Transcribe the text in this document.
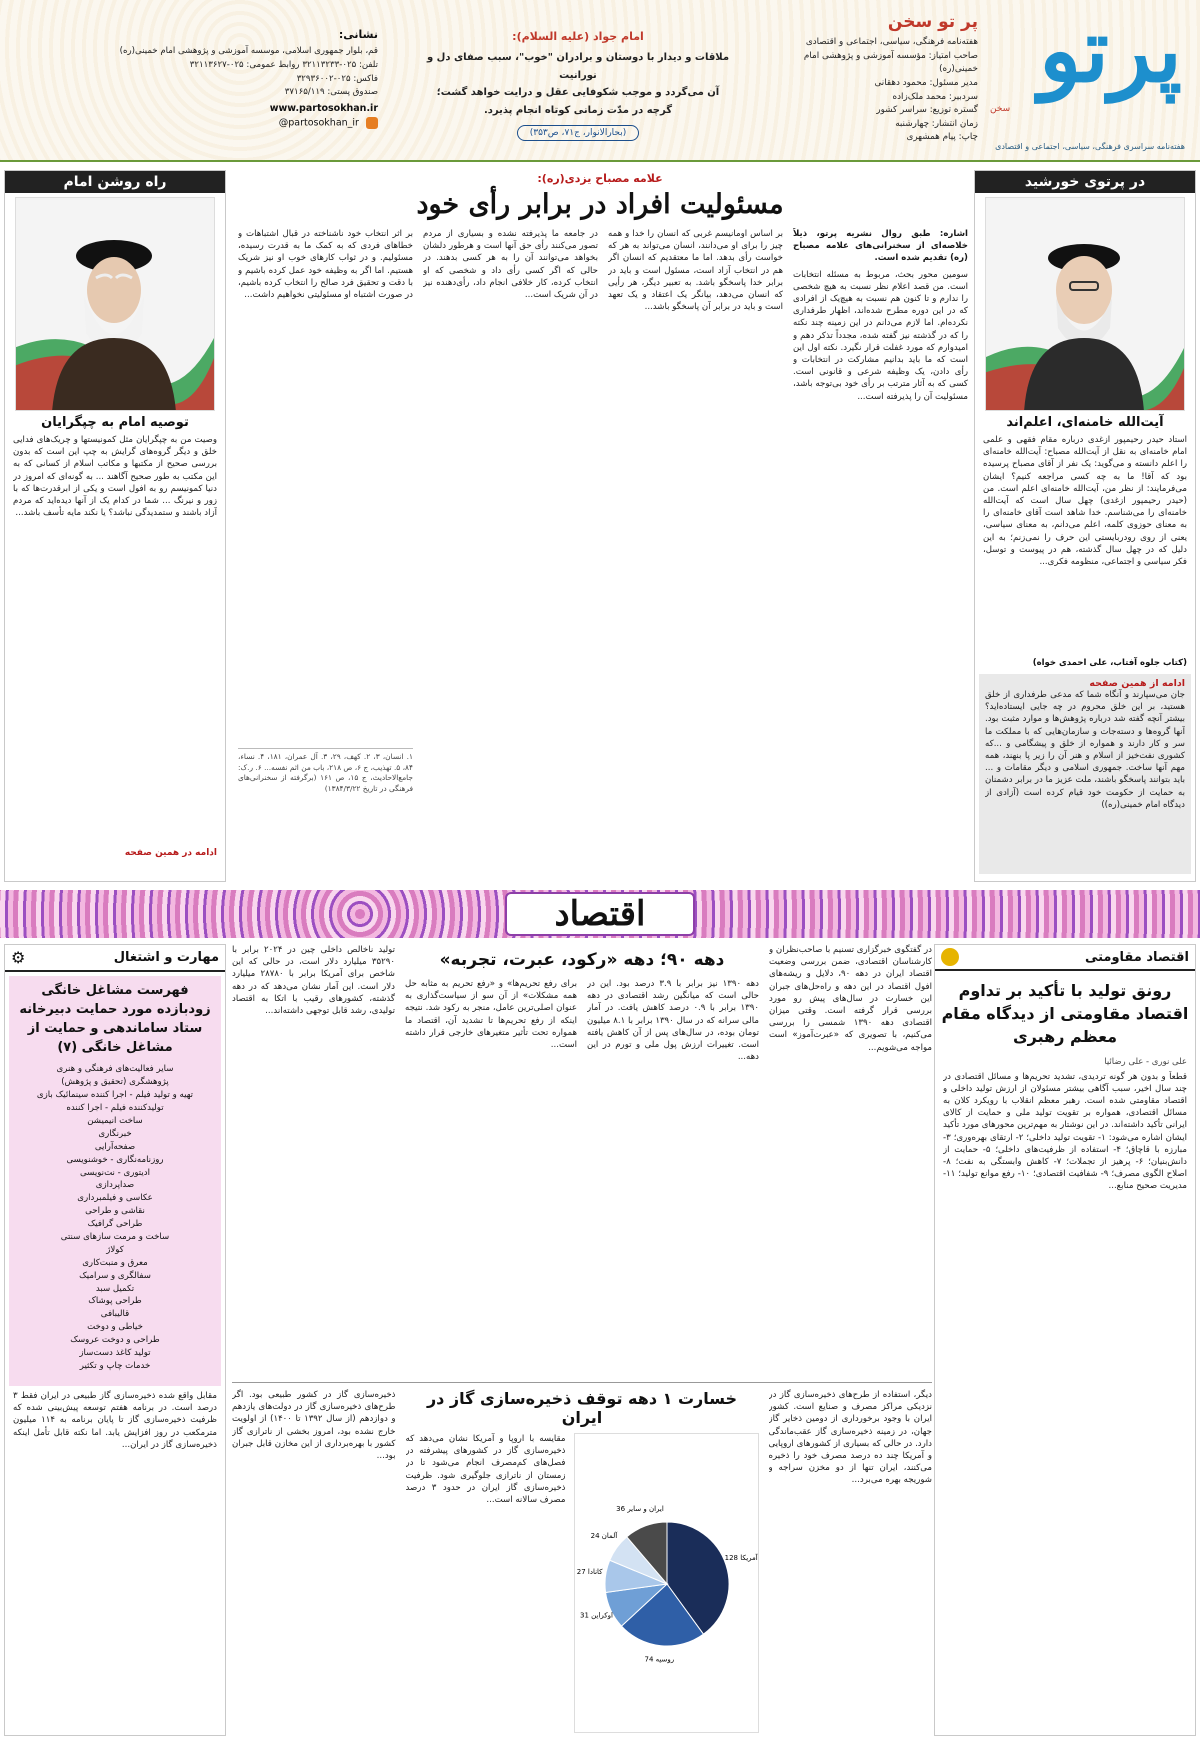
پرتو
سخن
هفته‌نامه سراسری فرهنگی، سیاسی، اجتماعی و اقتصادی
پر تو سخن
هفته‌نامه فرهنگی، سیاسی، اجتماعی و اقتصادی
صاحب امتیاز: مؤسسه آموزشی و پژوهشی امام خمینی(ره)
مدیر مسئول: محمود دهقانی
سردبیر: محمد ملک‌زاده
گستره توزیع: سراسر کشور
زمان انتشار: چهارشنبه
چاپ: پیام همشهری
امام جواد (علیه السلام):
ملاقات و دیدار با دوستان و برادران "خوب"، سبب صفای دل و نورانیت
آن می‌گردد و موجب شکوفایی عقل و درایت خواهد گشت؛
گرچه در مدّت زمانی کوتاه انجام پذیرد.
(بحارالانوار، ج۷۱، ص۳۵۳)
نشانی:
قم، بلوار جمهوری اسلامی، موسسه آموزشی و پژوهشی امام خمینی(ره)
تلفن: ۰۲۵-۳۲۱۱۳۲۳۳ روابط عمومی: ۰۲۵-۳۲۱۱۳۶۲۷
فاکس: ۰۲۵-۳۲۹۳۶۰۰۲
صندوق پستی: ۳۷۱۶۵/۱۱۹
www.partosokhan.ir
@partosokhan_ir
در پرتوی خورشید
آیت‌الله خامنه‌ای، اعلم‌اند
استاد حیدر رحیمپور ازغدی درباره مقام فقهی و علمی امام خامنه‌ای به نقل از آیت‌الله مصباح: آیت‌الله خامنه‌ای را اعلم دانسته و می‌گوید: یک نفر از آقای مصباح پرسیده بود که آقا! ما به چه کسی مراجعه کنیم؟ ایشان می‌فرمایند: از نظر من، آیت‌الله خامنه‌ای اعلم است. من (حیدر رحیمپور ازغدی) چهل سال است که آیت‌الله خامنه‌ای را می‌شناسم. خدا شاهد است آقای خامنه‌ای را به معنای حوزوی کلمه، اعلم می‌دانم، به معنای سیاسی، یعنی از روی رودربایستی این حرف را نمی‌زنم؛ به این دلیل که در چهل سال گذشته، هم در پیوست و توسل، فکر سیاسی و اجتماعی، منظومه فکری...
(کتاب جلوه آفتاب، علی احمدی خواه)
ادامه از همین صفحه
جان می‌سپارند و آنگاه شما که مدعی طرفداری از خلق هستید، بر این خلق محروم در چه جایی ایستاده‌اید؟ بیشتر آنچه گفته شد درباره پژوهش‌ها و موارد مثبت بود. آنها گروه‌ها و دسته‌جات و سازمان‌هایی که با مملکت ما سر و کار دارند و همواره از خلق و پیشگامی و ...که کشوری نفت‌خیز از اسلام و هنر آن را زیر پا بنهند، همه مهم آنها ساخت. جمهوری اسلامی و دیگر مقامات و ... باید بتوانند پاسخگو باشند، ملت عزیز ما در برابر دشمنان به حمایت از حکومت خود قیام کرده است (آزادی از دیدگاه امام خمینی(ره))
راه روشن امام
توصیه امام به چپگرایان
وصیت من به چپگرایان مثل کمونیستها و چریک‌های فدایی خلق و دیگر گروه‌های گرایش به چپ این است که بدون بررسی صحیح از مکتبها و مکاتب اسلام از کسانی که به این مکتب به طور صحیح آگاهند ... به گونه‌ای که امروز در دنیا کمونیسم رو به افول است و یکی از ابرقدرت‌ها که با زور و نیرنگ ... شما در کدام یک از آنها دیده‌اید که مردم آزاد باشند و ستمدیدگی نباشد؟ یا نکند مایه تأسف باشد...
ادامه در همین صفحه
علامه مصباح یزدی(ره):
مسئولیت افراد در برابر رأی خود
اشاره: طبق روال نشریه پرتو، ذیلاً خلاصه‌ای از سخنرانی‌های علامه مصباح (ره) تقدیم شده است.
سومین محور بحث، مربوط به مسئله انتخابات است. من قصد اعلام نظر نسبت به هیچ شخصی را ندارم و تا کنون هم نسبت به هیچ‌یک از افرادی که در این دوره مطرح شده‌اند، اظهار طرفداری نکرده‌ام. اما لازم می‌دانم در این زمینه چند نکته را که در گذشته نیز گفته شده، مجدداً تذکر دهم و امیدوارم که مورد غفلت قرار نگیرد. نکته اول این است که ما باید بدانیم مشارکت در انتخابات و رأی دادن، یک وظیفه شرعی و قانونی است. کسی که به آثار مترتب بر رأی خود بی‌توجه باشد، مسئولیت آن را پذیرفته است...
بر اساس اومانیسم غربی که انسان را خدا و همه چیز را برای او می‌دانند، انسان می‌تواند به هر که خواست رأی بدهد. اما ما معتقدیم که انسان اگر هم در انتخاب آزاد است، مسئول است و باید در برابر خدا پاسخگو باشد. به تعبیر دیگر، هر رأیی که انسان می‌دهد، بیانگر یک اعتقاد و یک تعهد است و باید در برابر آن پاسخگو باشد...
در جامعه ما پذیرفته نشده و بسیاری از مردم تصور می‌کنند رأی حق آنها است و هرطور دلشان بخواهد می‌توانند آن را به هر کسی بدهند. در حالی که اگر کسی رأی داد و شخصی که او انتخاب کرده، کار خلافی انجام داد، رأی‌دهنده نیز در آن شریک است...
بر اثر انتخاب خود ناشناخته در قبال اشتباهات و خطاهای فردی که به کمک ما به قدرت رسیده، مسئولیم. و در ثواب کارهای خوب او نیز شریک هستیم. اما اگر به وظیفه خود عمل کرده باشیم و با دقت و تحقیق فرد صالح را انتخاب کرده باشیم، در صورت اشتباه او مسئولیتی نخواهیم داشت...
۱. انسان، ۳، ۲. کهف، ۲۹، ۳. آل عمران، ۱۸۱، ۴. نساء، ۸۴، ۵. تهذیب، ج ۶، ص ۲۱۸، باب من اثم نفسه... ۶. ر.ک: جامع‌الاحادیث، ج ۱۵، ص ۱۶۱ (برگرفته از سخنرانی‌های فرهنگی در تاریخ ۱۳۸۴/۳/۲۲)
اقتصاد
اقتصاد مقاومتی
رونق تولید با تأکید بر تداوم اقتصاد مقاومتی از دیدگاه مقام معظم رهبری
علی نوری - علی رضائیا
قطعاً و بدون هر گونه تردیدی، تشدید تحریم‌ها و مسائل اقتصادی در چند سال اخیر، سبب آگاهی بیشتر مسئولان از ارزش تولید داخلی و اقتصاد مقاومتی شده است. رهبر معظم انقلاب با رویکرد کلان به مسائل اقتصادی، همواره بر تقویت تولید ملی و حمایت از کالای ایرانی تأکید داشته‌اند. در این نوشتار به مهم‌ترین محورهای مورد تأکید ایشان اشاره می‌شود: ۱- تقویت تولید داخلی؛ ۲- ارتقای بهره‌وری؛ ۳- مبارزه با قاچاق؛ ۴- استفاده از ظرفیت‌های داخلی؛ ۵- حمایت از دانش‌بنیان؛ ۶- پرهیز از تجملات؛ ۷- کاهش وابستگی به نفت؛ ۸- اصلاح الگوی مصرف؛ ۹- شفافیت اقتصادی؛ ۱۰- رفع موانع تولید؛ ۱۱- مدیریت صحیح منابع...
در گفتگوی خبرگزاری تسنیم با صاحب‌نظران و کارشناسان اقتصادی، ضمن بررسی وضعیت اقتصاد ایران در دهه ۹۰، دلایل و ریشه‌های افول اقتصاد در این دهه و راه‌حل‌های جبران این خسارت در سال‌های پیش رو مورد بررسی قرار گرفته است. وقتی میزان اقتصادی دهه ۱۳۹۰ شمسی را بررسی می‌کنیم، با تصویری که «عبرت‌آموز» است مواجه می‌شویم...
دهه ۹۰؛ دهه «رکود، عبرت، تجربه»
دهه ۱۳۹۰ نیز برابر با ۳.۹ درصد بود. این در حالی است که میانگین رشد اقتصادی در دهه ۱۳۹۰ برابر با ۰.۹ درصد کاهش یافت. در آمار مالی سرانه که در سال ۱۳۹۰ برابر با ۸.۱ میلیون تومان بوده، در سال‌های پس از آن کاهش یافته است. تغییرات ارزش پول ملی و تورم در این دهه...
برای رفع تحریم‌ها» و «رفع تحریم به مثابه حل همه مشکلات» از آن سو از سیاست‌گذاری به عنوان اصلی‌ترین عامل، منجر به رکود شد. نتیجه اینکه از رفع تحریم‌ها تا تشدید آن، اقتصاد ما همواره تحت تأثیر متغیرهای خارجی قرار داشته است...
تولید ناخالص داخلی چین در ۲۰۲۴ برابر با ۳۵۲۹۰ میلیارد دلار است، در حالی که این شاخص برای آمریکا برابر با ۲۸۷۸۰ میلیارد دلار است. این آمار نشان می‌دهد که در دهه گذشته، کشورهای رقیب با اتکا به اقتصاد تولیدی، رشد قابل توجهی داشته‌اند...
دیگر، استفاده از طرح‌های ذخیره‌سازی گاز در نزدیکی مراکز مصرف و صنایع است. کشور ایران با وجود برخورداری از دومین ذخایر گاز جهان، در زمینه ذخیره‌سازی گاز عقب‌ماندگی دارد. در حالی که بسیاری از کشورهای اروپایی و آمریکا چند ده درصد مصرف خود را ذخیره می‌کنند، ایران تنها از دو مخزن سراجه و شوریجه بهره می‌برد...
خسارت ۱ دهه توقف ذخیره‌سازی گاز در ایران
آمریکا 128
روسیه 74
اوکراین 31
کانادا 27
آلمان 24
ایران و سایر 36
مقایسه با اروپا و آمریکا نشان می‌دهد که ذخیره‌سازی گاز در کشورهای پیشرفته در فصل‌های کم‌مصرف انجام می‌شود تا در زمستان از ناترازی جلوگیری شود. ظرفیت ذخیره‌سازی گاز ایران در حدود ۳ درصد مصرف سالانه است...
ذخیره‌سازی گاز در کشور طبیعی بود. اگر طرح‌های ذخیره‌سازی گاز در دولت‌های یازدهم و دوازدهم (از سال ۱۳۹۲ تا ۱۴۰۰) از اولویت خارج نشده بود، امروز بخشی از ناترازی گاز کشور با بهره‌برداری از این مخازن قابل جبران بود...
مهارت و اشتغال
⚙
فهرست مشاغل خانگی زودبازده مورد حمایت دبیرخانه ستاد ساماندهی و حمایت از مشاغل خانگی (۷)
سایر فعالیت‌های فرهنگی و هنری
پژوهشگری (تحقیق و پژوهش)
تهیه و تولید فیلم - اجرا کننده سینمائیک بازی
تولیدکننده فیلم - اجرا کننده
ساخت انیمیشن
خبرنگاری
صفحه‌آرایی
روزنامه‌نگاری - خوشنویسی
ادیتوری - نت‌نویسی
صداپردازی
عکاسی و فیلمبرداری
نقاشی و طراحی
طراحی گرافیک
ساخت و مرمت سازهای سنتی
کولاژ
معرق و منبت‌کاری
سفالگری و سرامیک
تکمیل سبد
طراحی پوشاک
قالیبافی
خیاطی و دوخت
طراحی و دوخت عروسک
تولید کاغذ دست‌ساز
خدمات چاپ و تکثیر
مقابل واقع شده ذخیره‌سازی گاز طبیعی در ایران فقط ۳ درصد است. در برنامه هفتم توسعه پیش‌بینی شده که ظرفیت ذخیره‌سازی گاز تا پایان برنامه به ۱۱۴ میلیون مترمکعب در روز افزایش یابد. اما نکته قابل تأمل اینکه ذخیره‌سازی گاز در ایران...
